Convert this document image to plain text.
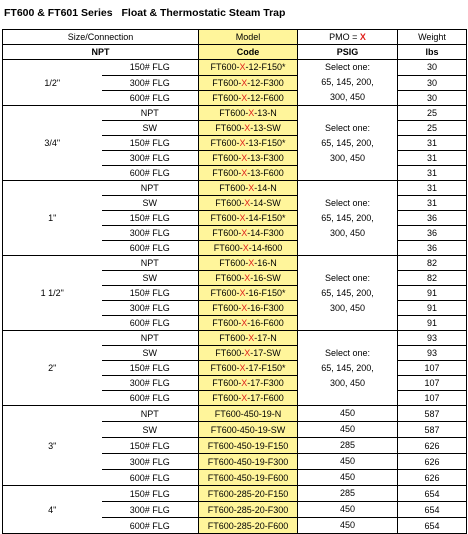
FT600 & FT601 Series Float & Thermostatic Steam Trap
Size/Connection		Model	PMO = X	Weight
NPT		Code	PSIG	lbs
1/2"	150# FLG	FT600-X-12-F150*	Select one:	30
	300# FLG	FT600-X-12-F300	65, 145, 200,	30
	600# FLG	FT600-X-12-F600	300, 450	30
3/4"	NPT	FT600-X-13-N		25
	SW	FT600-X-13-SW	Select one:	25
	150# FLG	FT600-X-13-F150*	65, 145, 200,	31
	300# FLG	FT600-X-13-F300	300, 450	31
	600# FLG	FT600-X-13-F600		31
1"	NPT	FT600-X-14-N		31
	SW	FT600-X-14-SW	Select one:	31
	150# FLG	FT600-X-14-F150*	65, 145, 200,	36
	300# FLG	FT600-X-14-F300	300, 450	36
	600# FLG	FT600-X-14-f600		36
1 1/2"	NPT	FT600-X-16-N		82
	SW	FT600-X-16-SW	Select one:	82
	150# FLG	FT600-X-16-F150*	65, 145, 200,	91
	300# FLG	FT600-X-16-F300	300, 450	91
	600# FLG	FT600-X-16-F600		91
2"	NPT	FT600-X-17-N		93
	SW	FT600-X-17-SW	Select one:	93
	150# FLG	FT600-X-17-F150*	65, 145, 200,	107
	300# FLG	FT600-X-17-F300	300, 450	107
	600# FLG	FT600-X-17-F600		107
3"	NPT	FT600-450-19-N	450	587
	SW	FT600-450-19-SW	450	587
	150# FLG	FT600-450-19-F150	285	626
	300# FLG	FT600-450-19-F300	450	626
	600# FLG	FT600-450-19-F600	450	626
4"	150# FLG	FT600-285-20-F150	285	654
	300# FLG	FT600-285-20-F300	450	654
	600# FLG	FT600-285-20-F600	450	654
